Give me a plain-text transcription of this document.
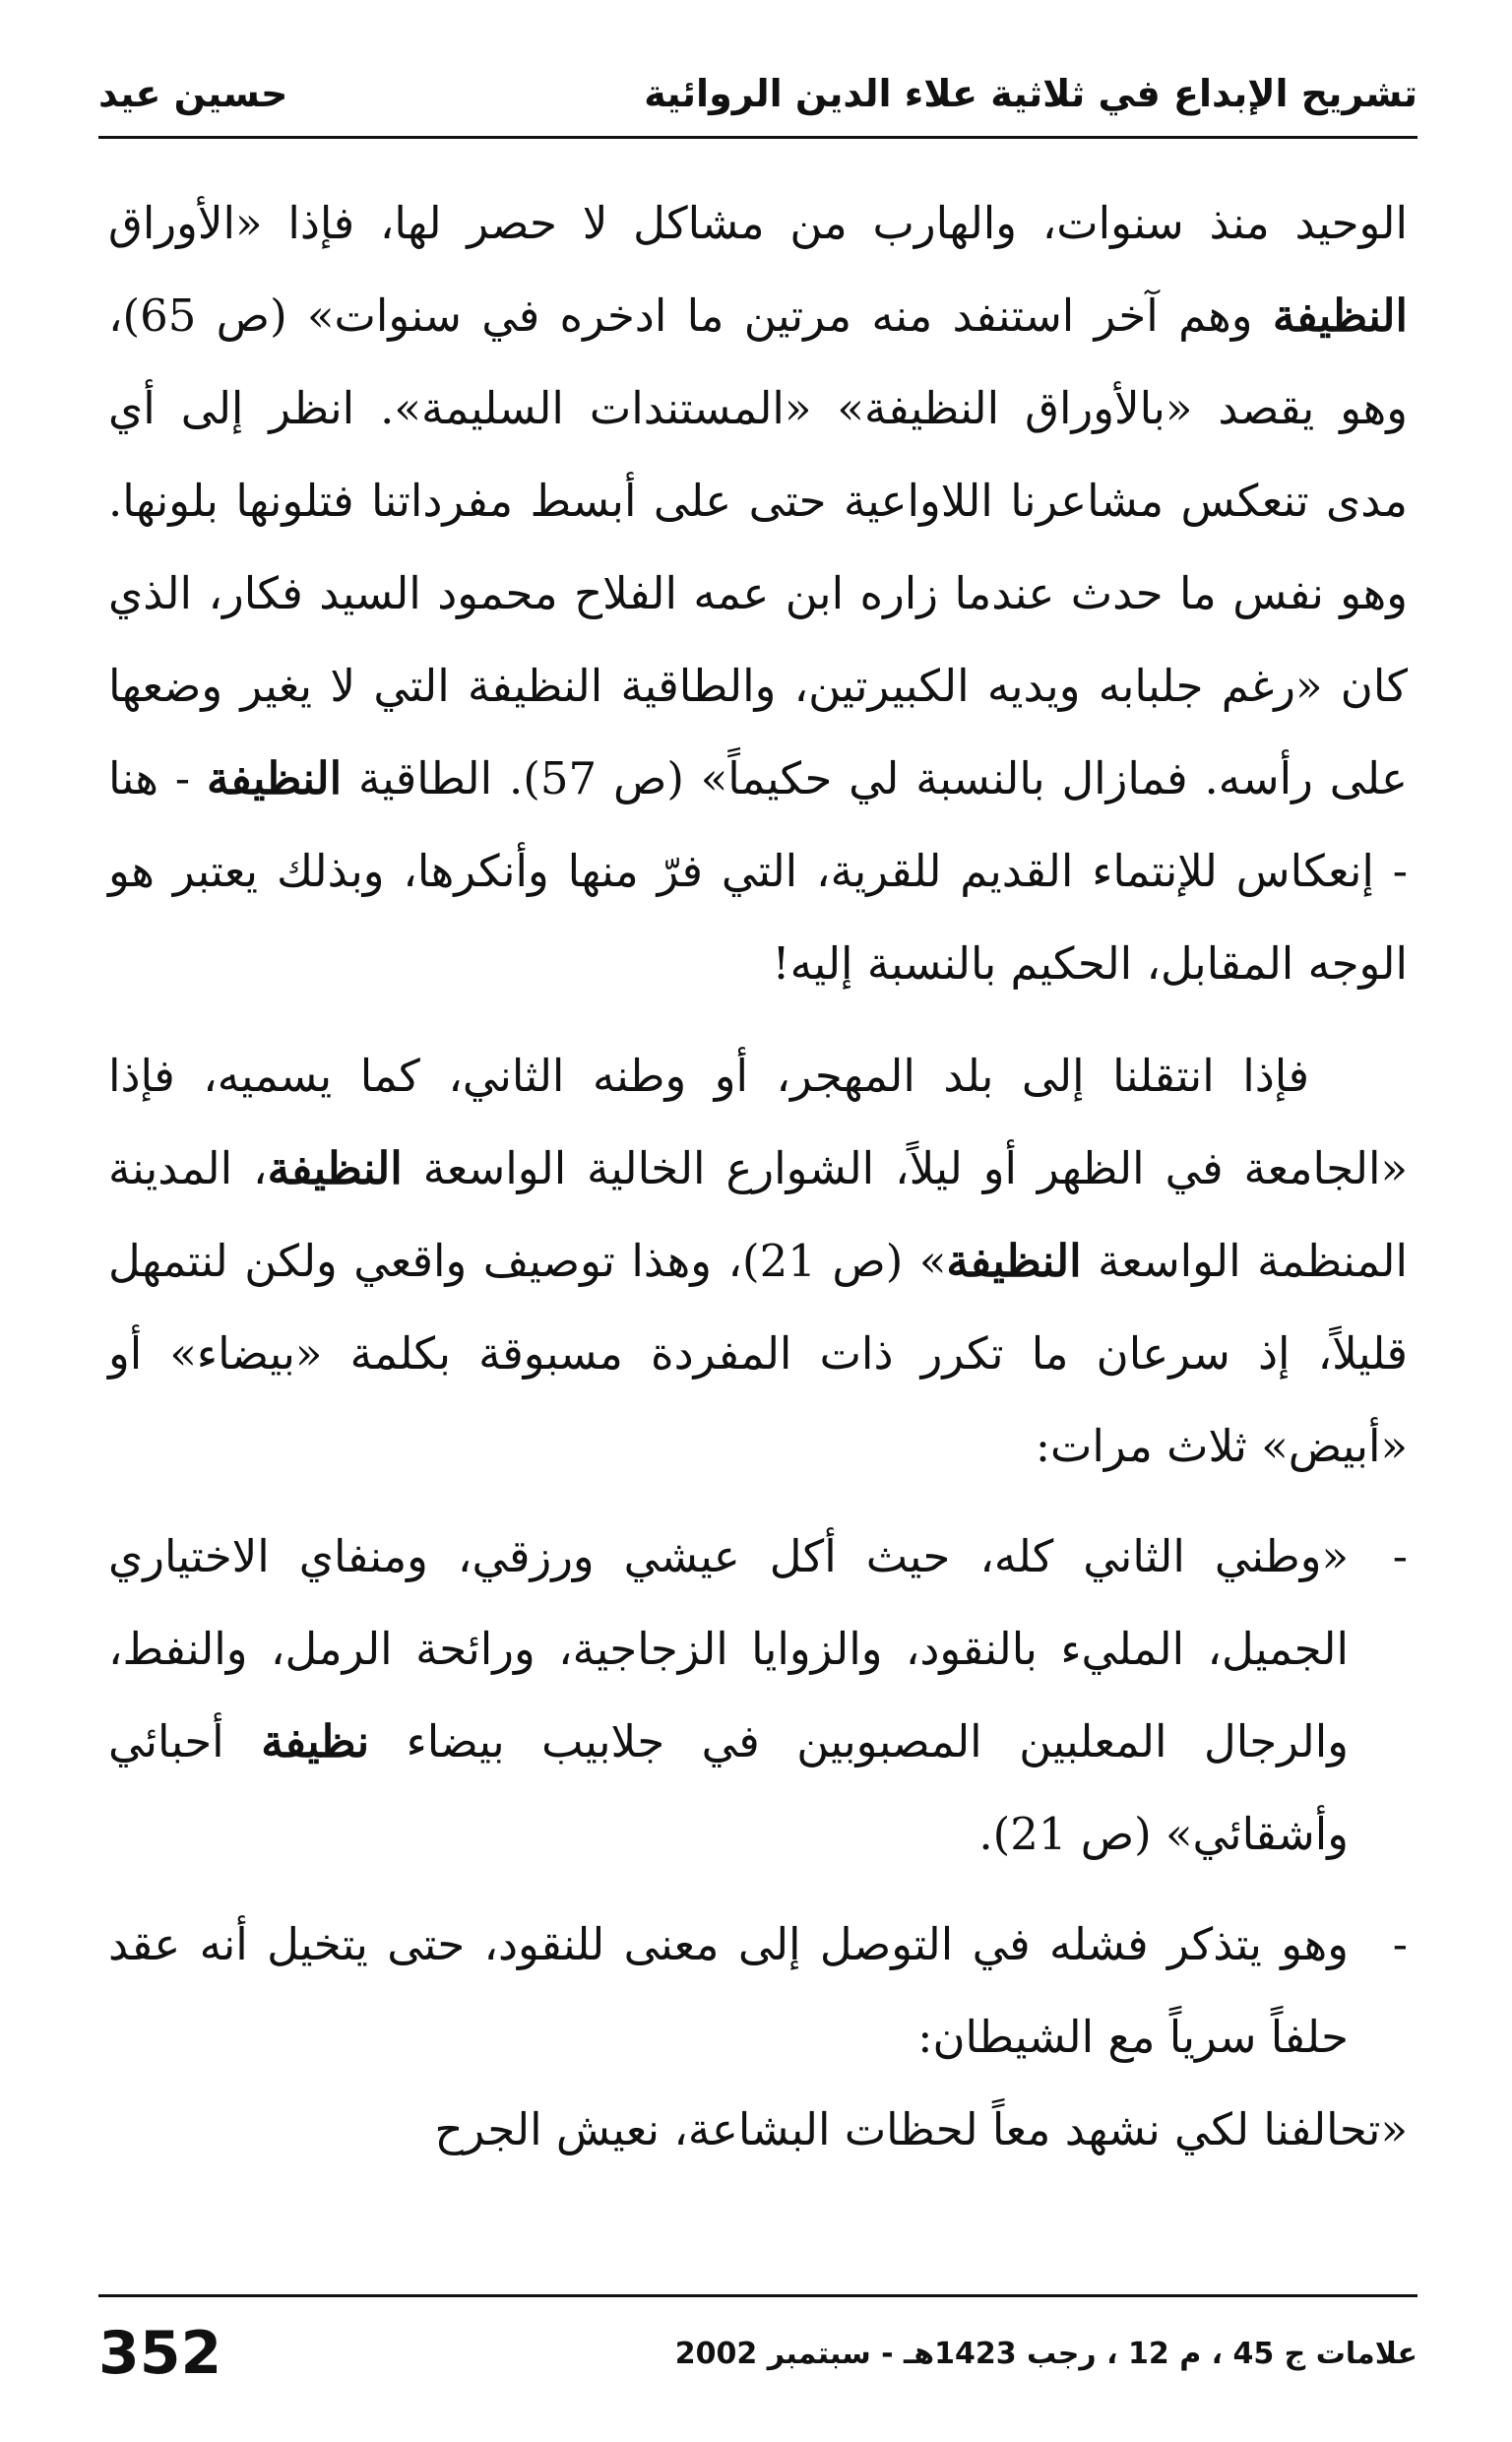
تشريح الإبداع في ثلاثية علاء الدين الروائية
حسين عيد

الوحيد منذ سنوات، والهارب من مشاكل لا حصر لها، فإذا «الأوراق النظيفة وهم آخر استنفد منه مرتين ما ادخره في سنوات» (ص 65)، وهو يقصد «بالأوراق النظيفة» «المستندات السليمة». انظر إلى أي مدى تنعكس مشاعرنا اللاواعية حتى على أبسط مفرداتنا فتلونها بلونها. وهو نفس ما حدث عندما زاره ابن عمه الفلاح محمود السيد فكار، الذي كان «رغم جلبابه ويديه الكبيرتين، والطاقية النظيفة التي لا يغير وضعها على رأسه. فمازال بالنسبة لي حكيماً» (ص 57). الطاقية النظيفة - هنا - إنعكاس للإنتماء القديم للقرية، التي فرّ منها وأنكرها، وبذلك يعتبر هو الوجه المقابل، الحكيم بالنسبة إليه!

فإذا انتقلنا إلى بلد المهجر، أو وطنه الثاني، كما يسميه، فإذا «الجامعة في الظهر أو ليلاً، الشوارع الخالية الواسعة النظيفة، المدينة المنظمة الواسعة النظيفة» (ص 21)، وهذا توصيف واقعي ولكن لنتمهل قليلاً، إذ سرعان ما تكرر ذات المفردة مسبوقة بكلمة «بيضاء» أو «أبيض» ثلاث مرات:

-
«وطني الثاني كله، حيث أكل عيشي ورزقي، ومنفاي الاختياري الجميل، المليء بالنقود، والزوايا الزجاجية، ورائحة الرمل، والنفط، والرجال المعلبين المصبوبين في جلابيب بيضاء نظيفة أحبائي وأشقائي» (ص 21).
-
وهو يتذكر فشله في التوصل إلى معنى للنقود، حتى يتخيل أنه عقد حلفاً سرياً مع الشيطان:

«تحالفنا لكي نشهد معاً لحظات البشاعة، نعيش الجرح

علامات ج 45 ، م 12 ، رجب 1423هـ - سبتمبر 2002
352
